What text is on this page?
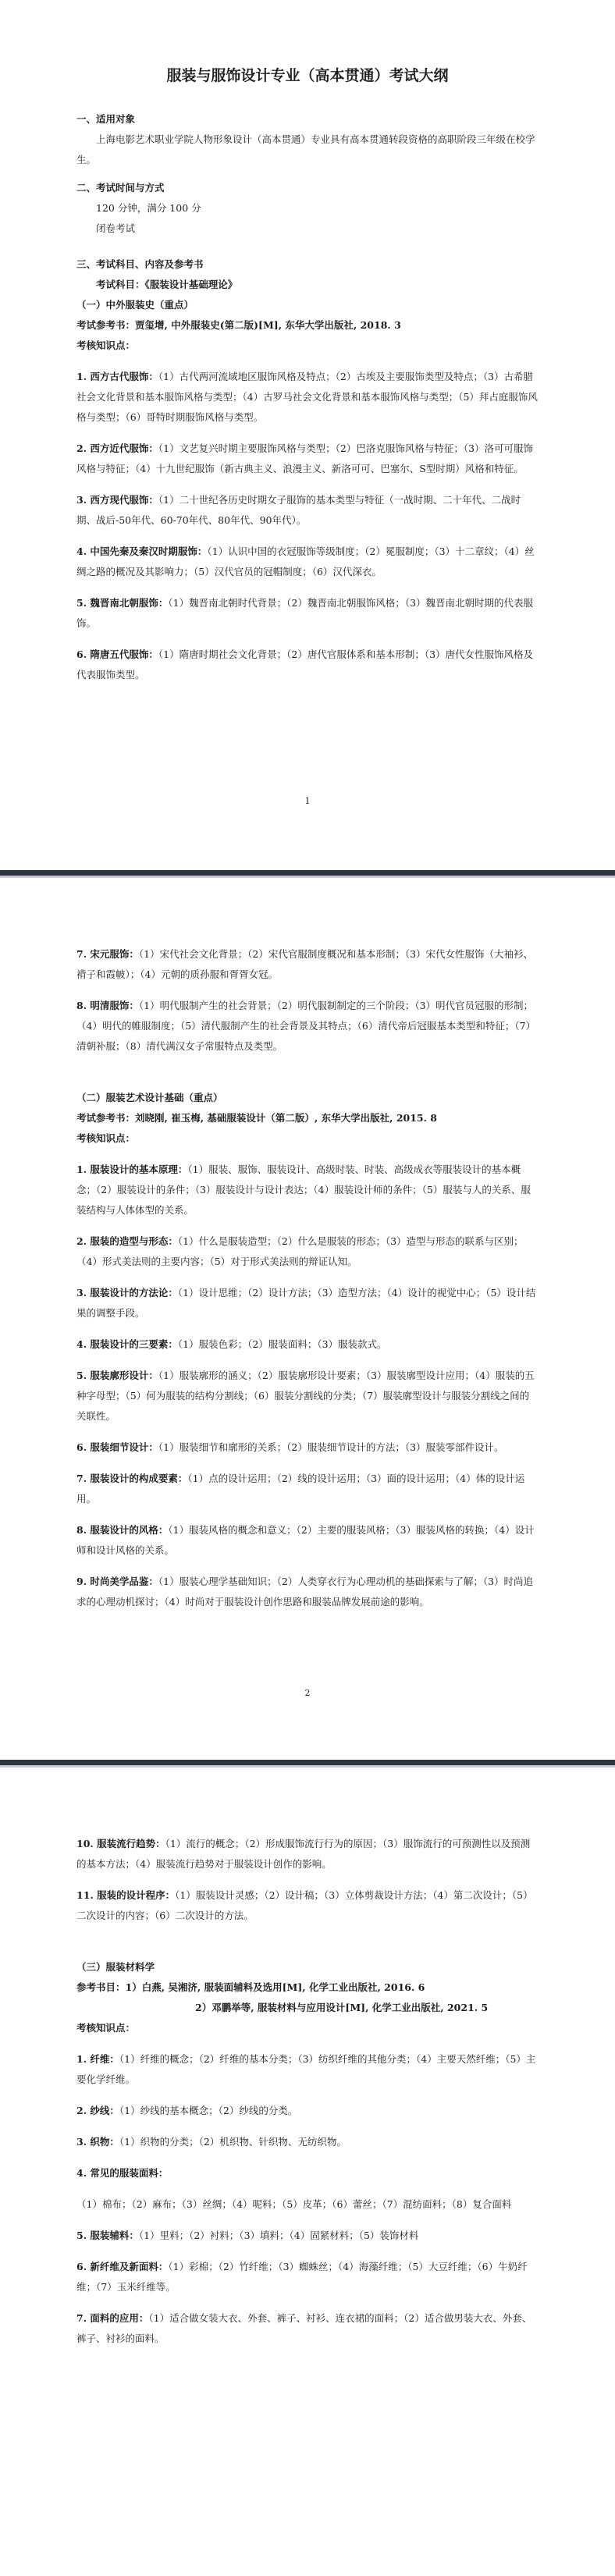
服装与服饰设计专业（高本贯通）考试大纲
一、适用对象
上海电影艺术职业学院人物形象设计（高本贯通）专业具有高本贯通转段资格的高职阶段三年级在校学生。
二、考试时间与方式
120 分钟，满分 100 分
闭卷考试
三、考试科目、内容及参考书
考试科目：《服装设计基础理论》
（一）中外服装史（重点）
考试参考书：贾玺增, 中外服装史(第二版)[M], 东华大学出版社, 2018. 3
考核知识点：
1. 西方古代服饰：（1）古代两河流域地区服饰风格及特点；（2）古埃及主要服饰类型及特点；（3）古希腊社会文化背景和基本服饰风格与类型；（4）古罗马社会文化背景和基本服饰风格与类型；（5）拜占庭服饰风格与类型；（6）哥特时期服饰风格与类型。
2. 西方近代服饰：（1）文艺复兴时期主要服饰风格与类型；（2）巴洛克服饰风格与特征；（3）洛可可服饰风格与特征；（4）十九世纪服饰（新古典主义、浪漫主义、新洛可可、巴塞尔、S型时期）风格和特征。
3. 西方现代服饰：（1）二十世纪各历史时期女子服饰的基本类型与特征（一战时期、二十年代、二战时期、战后-50年代、60-70年代、80年代、90年代）。
4. 中国先秦及秦汉时期服饰：（1）认识中国的衣冠服饰等级制度；（2）冕服制度；（3）十二章纹；（4）丝绸之路的概况及其影响力；（5）汉代官员的冠帽制度；（6）汉代深衣。
5. 魏晋南北朝服饰：（1）魏晋南北朝时代背景；（2）魏晋南北朝服饰风格；（3）魏晋南北朝时期的代表服饰。
6. 隋唐五代服饰：（1）隋唐时期社会文化背景；（2）唐代官服体系和基本形制；（3）唐代女性服饰风格及代表服饰类型。
1
7. 宋元服饰：（1）宋代社会文化背景；（2）宋代官服制度概况和基本形制；（3）宋代女性服饰（大袖衫、褙子和霞帔）；（4）元朝的质孙服和胥胥女冠。
8. 明清服饰：（1）明代服制产生的社会背景；（2）明代服制制定的三个阶段；（3）明代官员冠服的形制；（4）明代的帷服制度；（5）清代服制产生的社会背景及其特点；（6）清代帝后冠服基本类型和特征；（7）清朝补服；（8）清代满汉女子常服特点及类型。
（二）服装艺术设计基础（重点）
考试参考书：刘晓刚, 崔玉梅, 基础服装设计（第二版）, 东华大学出版社, 2015. 8
考核知识点：
1. 服装设计的基本原理：（1）服装、服饰、服装设计、高级时装、时装、高级成衣等服装设计的基本概念；（2）服装设计的条件；（3）服装设计与设计表达；（4）服装设计师的条件；（5）服装与人的关系、服装结构与人体体型的关系。
2. 服装的造型与形态：（1）什么是服装造型；（2）什么是服装的形态；（3）造型与形态的联系与区别；（4）形式美法则的主要内容；（5）对于形式美法则的辩证认知。
3. 服装设计的方法论：（1）设计思维；（2）设计方法；（3）造型方法；（4）设计的视觉中心；（5）设计结果的调整手段。
4. 服装设计的三要素：（1）服装色彩；（2）服装面料；（3）服装款式。
5. 服装廓形设计：（1）服装廓形的涵义；（2）服装廓形设计要素；（3）服装廓型设计应用；（4）服装的五种字母型；（5）何为服装的结构分割线；（6）服装分割线的分类；（7）服装廓型设计与服装分割线之间的关联性。
6. 服装细节设计：（1）服装细节和廓形的关系；（2）服装细节设计的方法；（3）服装零部件设计。
7. 服装设计的构成要素：（1）点的设计运用；（2）线的设计运用；（3）面的设计运用；（4）体的设计运用。
8. 服装设计的风格：（1）服装风格的概念和意义；（2）主要的服装风格；（3）服装风格的转换；（4）设计师和设计风格的关系。
9. 时尚美学品鉴：（1）服装心理学基础知识；（2）人类穿衣行为心理动机的基础探索与了解；（3）时尚追求的心理动机探讨；（4）时尚对于服装设计创作思路和服装品牌发展前途的影响。
2
10. 服装流行趋势：（1）流行的概念；（2）形成服饰流行行为的原因；（3）服饰流行的可预测性以及预测的基本方法；（4）服装流行趋势对于服装设计创作的影响。
11. 服装的设计程序：（1）服装设计灵感；（2）设计稿；（3）立体剪裁设计方法；（4）第二次设计；（5）二次设计的内容；（6）二次设计的方法。
（三）服装材料学
参考书目：1）白燕, 吴湘济, 服装面辅料及选用[M], 化学工业出版社, 2016. 6
2）邓鹏举等, 服装材料与应用设计[M], 化学工业出版社, 2021. 5
考核知识点：
1. 纤维：（1）纤维的概念；（2）纤维的基本分类；（3）纺织纤维的其他分类；（4）主要天然纤维；（5）主要化学纤维。
2. 纱线：（1）纱线的基本概念；（2）纱线的分类。
3. 织物：（1）织物的分类；（2）机织物、针织物、无纺织物。
4. 常见的服装面料：
（1）棉布；（2）麻布；（3）丝绸；（4）呢料；（5）皮革；（6）蕾丝；（7）混纺面料；（8）复合面料
5. 服装辅料：（1）里料；（2）衬料；（3）填料；（4）固紧材料；（5）装饰材料
6. 新纤维及新面料：（1）彩棉；（2）竹纤维；（3）蜘蛛丝；（4）海藻纤维；（5）大豆纤维；（6）牛奶纤维；（7）玉米纤维等。
7. 面料的应用：（1）适合做女装大衣、外套、裤子、衬衫、连衣裙的面料；（2）适合做男装大衣、外套、裤子、衬衫的面料。
